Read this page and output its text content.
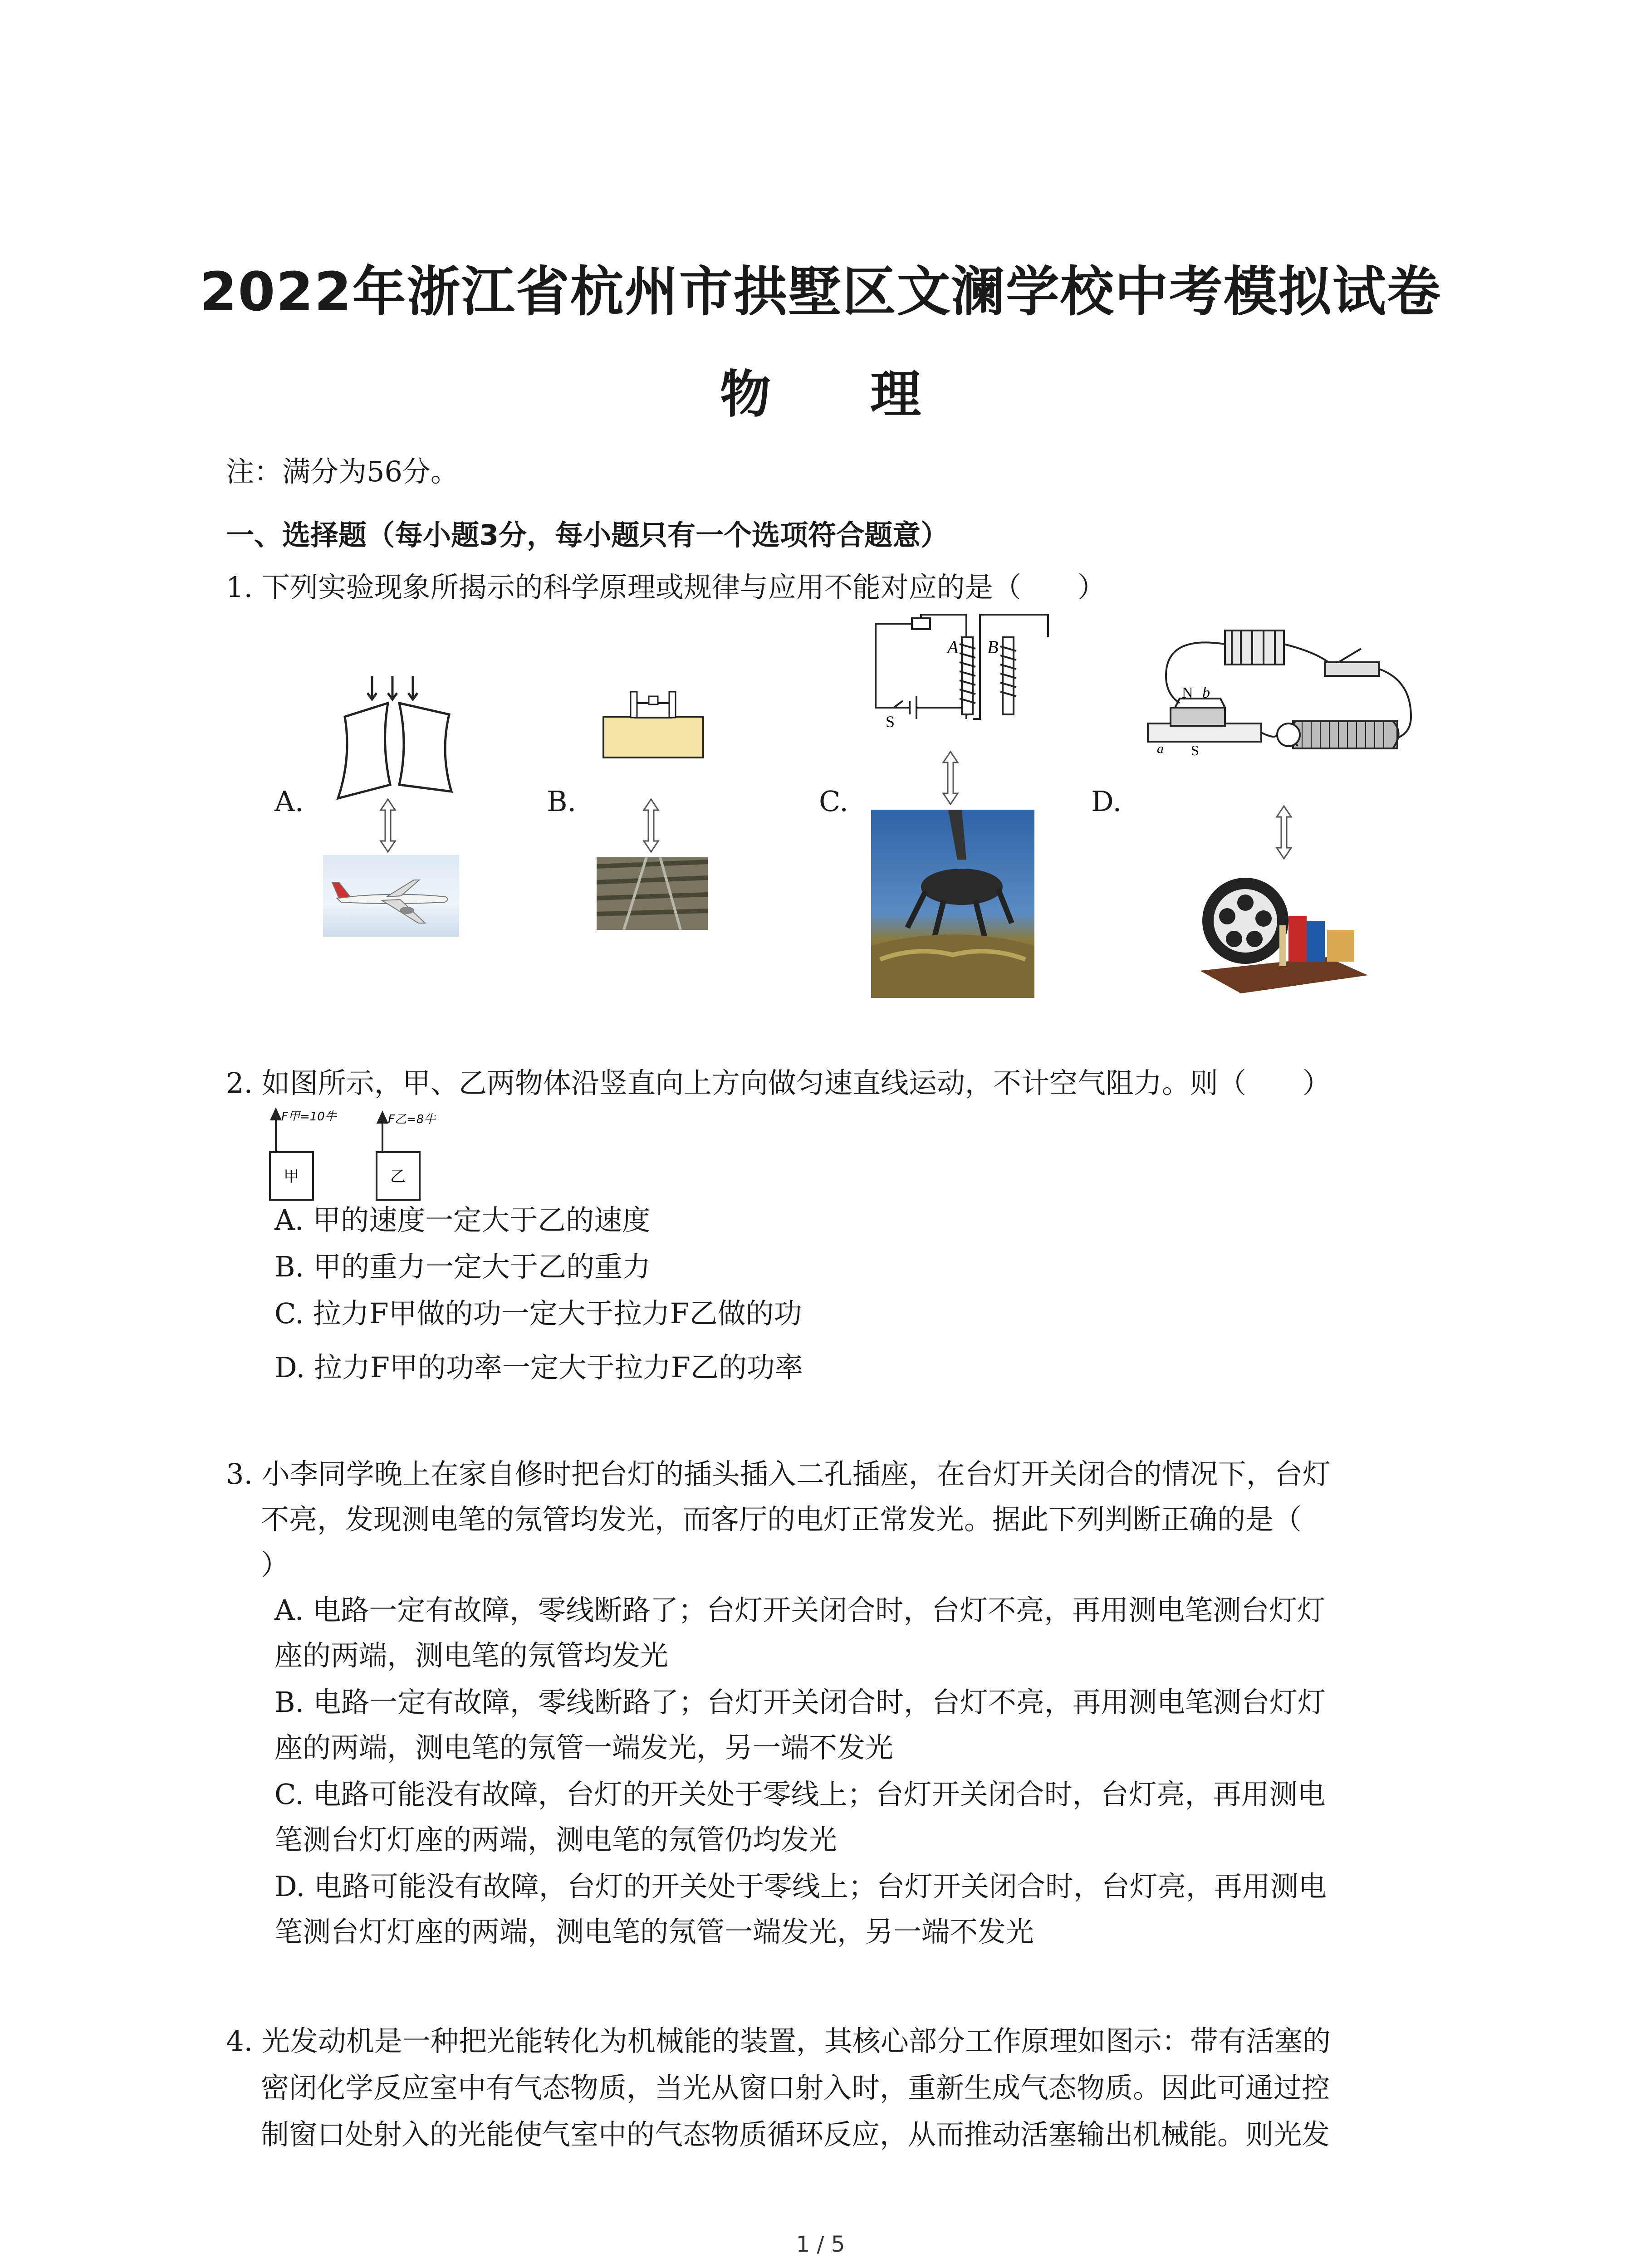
2022年浙江省杭州市拱墅区文澜学校中考模拟试卷
物 理
注：满分为56分。
一、选择题（每小题3分，每小题只有一个选项符合题意）
1. 下列实验现象所揭示的科学原理或规律与应用不能对应的是（　　）
A.	B.	C.	D.
A B
S
N b
a S
2. 如图所示，甲、乙两物体沿竖直向上方向做匀速直线运动，不计空气阻力。则（　　）
F甲=10牛	F乙=8牛
甲	乙
A. 甲的速度一定大于乙的速度
B. 甲的重力一定大于乙的重力
C. 拉力F甲做的功一定大于拉力F乙做的功
D. 拉力F甲的功率一定大于拉力F乙的功率
3. 小李同学晚上在家自修时把台灯的插头插入二孔插座，在台灯开关闭合的情况下，台灯
不亮，发现测电笔的氖管均发光，而客厅的电灯正常发光。据此下列判断正确的是（
）
A. 电路一定有故障，零线断路了；台灯开关闭合时，台灯不亮，再用测电笔测台灯灯
座的两端，测电笔的氖管均发光
B. 电路一定有故障，零线断路了；台灯开关闭合时，台灯不亮，再用测电笔测台灯灯
座的两端，测电笔的氖管一端发光，另一端不发光
C. 电路可能没有故障，台灯的开关处于零线上；台灯开关闭合时，台灯亮，再用测电
笔测台灯灯座的两端，测电笔的氖管仍均发光
D. 电路可能没有故障，台灯的开关处于零线上；台灯开关闭合时，台灯亮，再用测电
笔测台灯灯座的两端，测电笔的氖管一端发光，另一端不发光
4. 光发动机是一种把光能转化为机械能的装置，其核心部分工作原理如图示：带有活塞的
密闭化学反应室中有气态物质，当光从窗口射入时，重新生成气态物质。因此可通过控
制窗口处射入的光能使气室中的气态物质循环反应，从而推动活塞输出机械能。则光发
1 / 5
